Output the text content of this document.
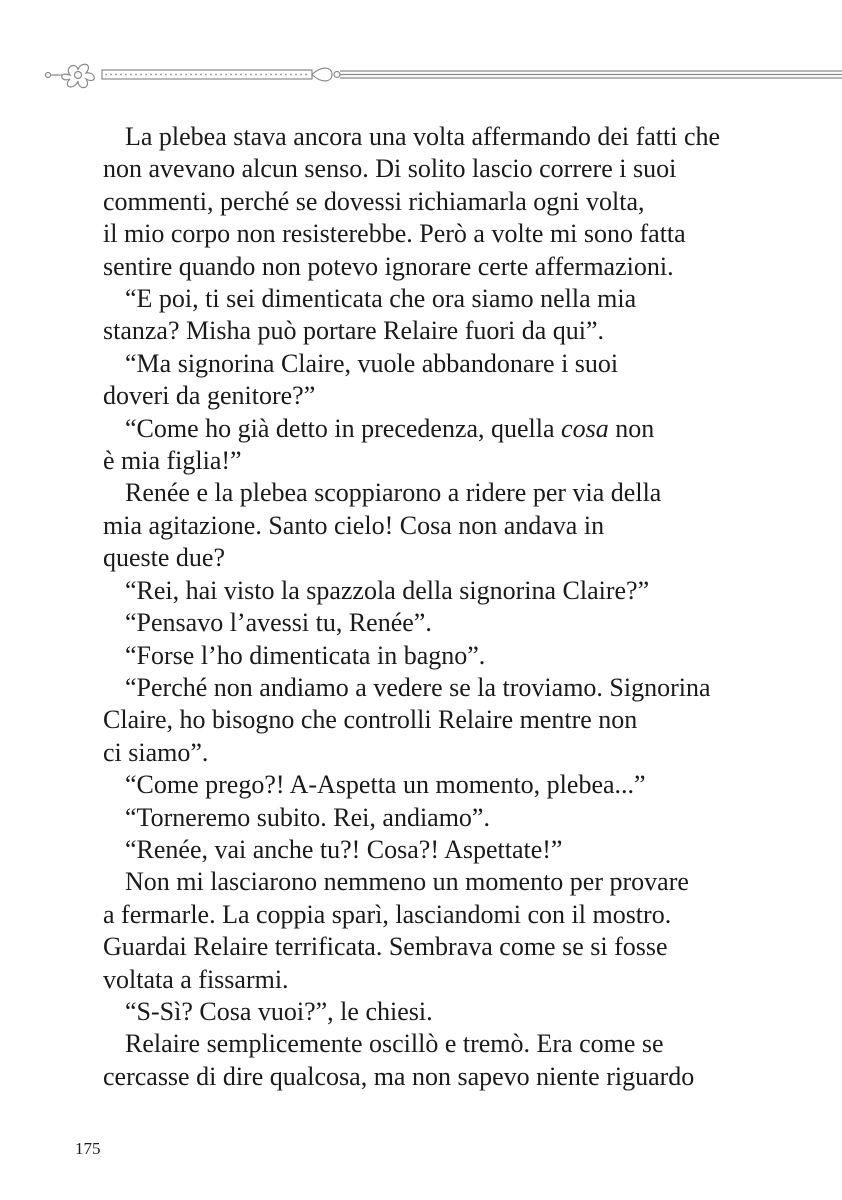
La plebea stava ancora una volta affermando dei fatti che
non avevano alcun senso. Di solito lascio correre i suoi
commenti, perché se dovessi richiamarla ogni volta,
il mio corpo non resisterebbe. Però a volte mi sono fatta
sentire quando non potevo ignorare certe affermazioni.
“E poi, ti sei dimenticata che ora siamo nella mia
stanza? Misha può portare Relaire fuori da qui”.
“Ma signorina Claire, vuole abbandonare i suoi
doveri da genitore?”
“Come ho già detto in precedenza, quella cosa non
è mia figlia!”
Renée e la plebea scoppiarono a ridere per via della
mia agitazione. Santo cielo! Cosa non andava in
queste due?
“Rei, hai visto la spazzola della signorina Claire?”
“Pensavo l’avessi tu, Renée”.
“Forse l’ho dimenticata in bagno”.
“Perché non andiamo a vedere se la troviamo. Signorina
Claire, ho bisogno che controlli Relaire mentre non
ci siamo”.
“Come prego?! A-Aspetta un momento, plebea...”
“Torneremo subito. Rei, andiamo”.
“Renée, vai anche tu?! Cosa?! Aspettate!”
Non mi lasciarono nemmeno un momento per provare
a fermarle. La coppia sparì, lasciandomi con il mostro.
Guardai Relaire terrificata. Sembrava come se si fosse
voltata a fissarmi.
“S-Sì? Cosa vuoi?”, le chiesi.
Relaire semplicemente oscillò e tremò. Era come se
cercasse di dire qualcosa, ma non sapevo niente riguardo
175
